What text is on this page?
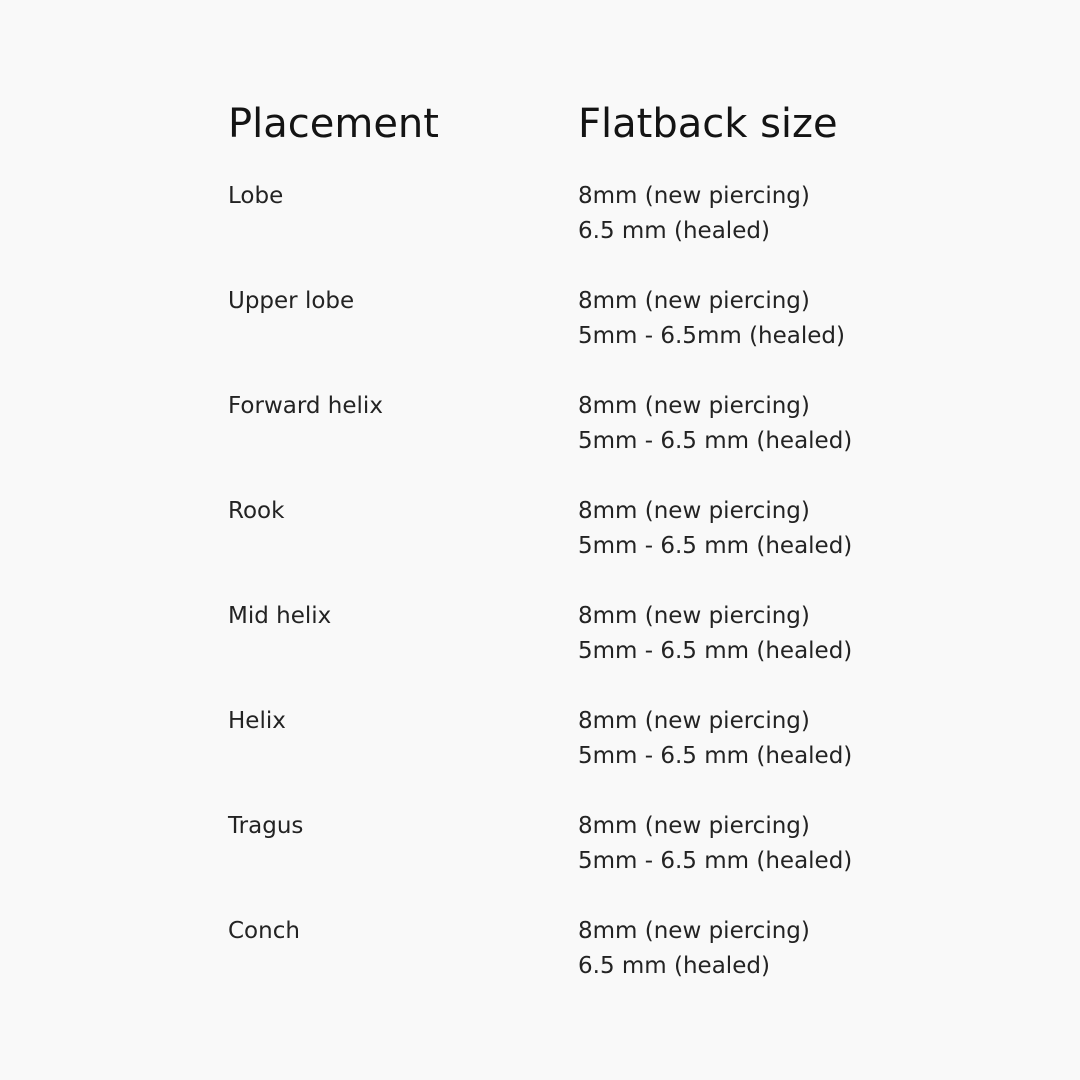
Placement	Flatback size
Lobe	8mm (new piercing)
6.5 mm (healed)
Upper lobe	8mm (new piercing)
5mm - 6.5mm (healed)
Forward helix	8mm (new piercing)
5mm - 6.5 mm (healed)
Rook	8mm (new piercing)
5mm - 6.5 mm (healed)
Mid helix	8mm (new piercing)
5mm - 6.5 mm (healed)
Helix	8mm (new piercing)
5mm - 6.5 mm (healed)
Tragus	8mm (new piercing)
5mm - 6.5 mm (healed)
Conch	8mm (new piercing)
6.5 mm (healed)
